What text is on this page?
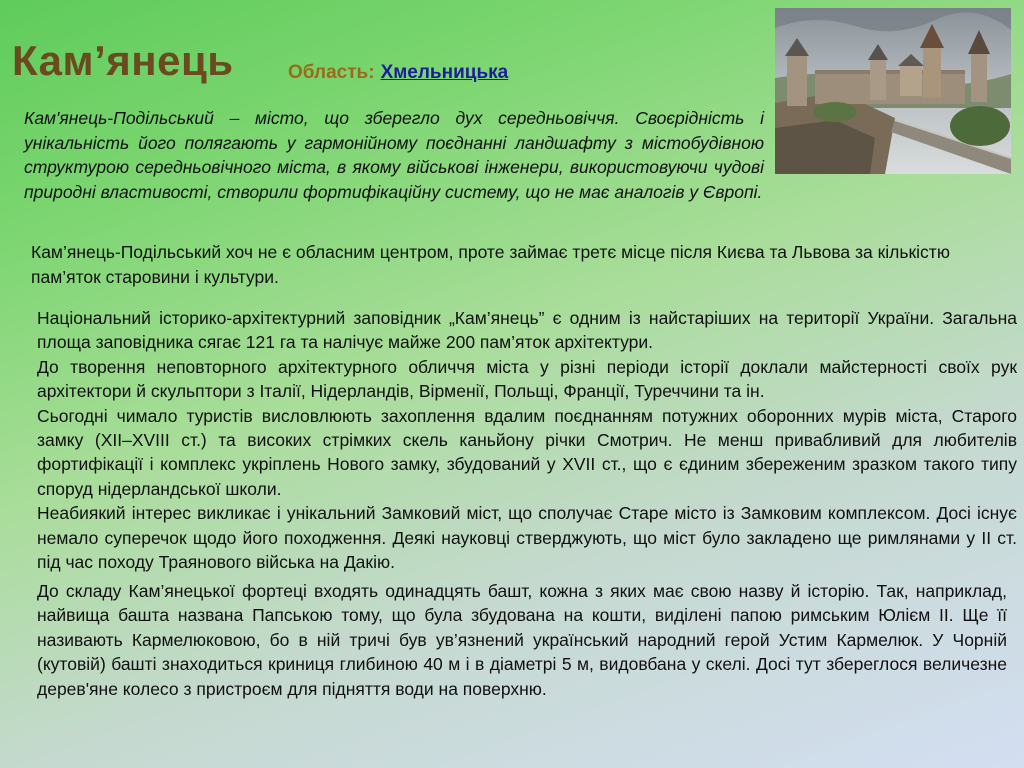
Кам’янець	Область: Хмельницька

Кам'янець-Подільський – місто, що зберегло дух середньовіччя. Своєрідність і унікальність його полягають у гармонійному поєднанні ландшафту з містобудівною структурою середньовічного міста, в якому військові інженери, використовуючи чудові природні властивості, створили фортифікаційну систему, що не має аналогів у Європі.

Кам’янець-Подільський хоч не є обласним центром, проте займає третє місце після Києва та Львова за кількістю пам’яток старовини і культури.

Національний історико-архітектурний заповідник „Кам’янець” є одним із найстаріших на території України. Загальна площа заповідника сягає 121 га та налічує майже 200 пам’яток архітектури.

До творення неповторного архітектурного обличчя міста у різні періоди історії доклали майстерності своїх рук архітектори й скульптори з Італії, Нідерландів, Вірменії, Польщі, Франції, Туреччини та ін.

Сьогодні чимало туристів висловлюють захоплення вдалим поєднанням потужних оборонних мурів міста, Старого замку (XII–XVIII ст.) та високих стрімких скель каньйону річки Смотрич. Не менш привабливий для любителів фортифікації і комплекс укріплень Нового замку, збудований у XVII ст., що є єдиним збереженим зразком такого типу споруд нідерландської школи.

Неабиякий інтерес викликає і унікальний Замковий міст, що сполучає Старе місто із Замковим комплексом. Досі існує немало суперечок щодо його походження. Деякі науковці стверджують, що міст було закладено ще римлянами у ІІ ст. під час походу Траянового війська на Дакію.

До складу Кам’янецької фортеці входять одинадцять башт, кожна з яких має свою назву й історію. Так, наприклад, найвища башта названа Папською тому, що була збудована на кошти, виділені папою римським Юлієм ІІ. Ще її називають Кармелюковою, бо в ній тричі був ув’язнений український народний герой Устим Кармелюк. У Чорній (кутовій) башті знаходиться криниця глибиною 40 м і в діаметрі 5 м, видовбана у скелі. Досі тут збереглося величезне дерев'яне колесо з пристроєм для підняття води на поверхню.
